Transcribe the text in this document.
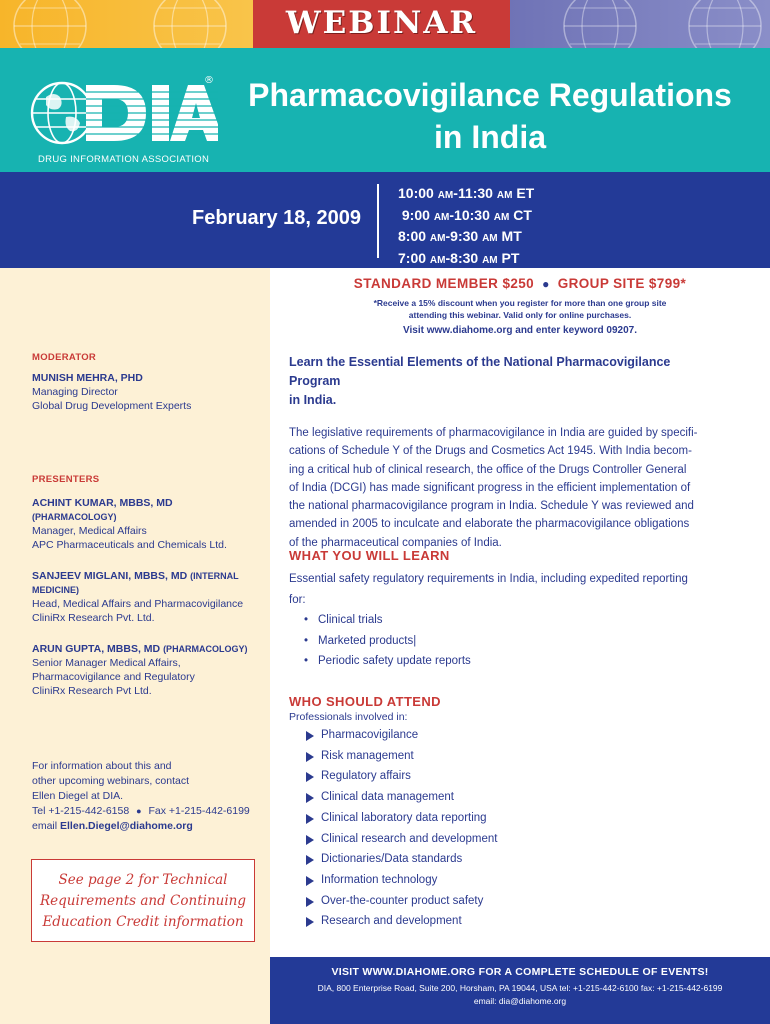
WEBINAR
®
DRUG INFORMATION ASSOCIATION
Pharmacovigilance Regulations
in India
February 18, 2009
10:00 AM-11:30 AM ET
9:00 AM-10:30 AM CT
8:00 AM-9:30 AM MT
7:00 AM-8:30 AM PT
MODERATOR
MUNISH MEHRA, PHD
Managing Director
Global Drug Development Experts
PRESENTERS
ACHINT KUMAR, MBBS, MD
(PHARMACOLOGY)
Manager, Medical Affairs
APC Pharmaceuticals and Chemicals Ltd.
SANJEEV MIGLANI, MBBS, MD (INTERNAL MEDICINE)
Head, Medical Affairs and Pharmacovigilance
CliniRx Research Pvt. Ltd.
ARUN GUPTA, MBBS, MD (PHARMACOLOGY)
Senior Manager Medical Affairs,
Pharmacovigilance and Regulatory
CliniRx Research Pvt Ltd.
For information about this and
other upcoming webinars, contact
Ellen Diegel at DIA.
Tel +1-215-442-6158 ● Fax +1-215-442-6199
email Ellen.Diegel@diahome.org
See page 2 for Technical
Requirements and Continuing
Education Credit information
STANDARD MEMBER $250 ● GROUP SITE $799*
*Receive a 15% discount when you register for more than one group site
attending this webinar. Valid only for online purchases.
Visit www.diahome.org and enter keyword 09207.
Learn the Essential Elements of the National Pharmacovigilance Program
in India.
The legislative requirements of pharmacovigilance in India are guided by specifi-
cations of Schedule Y of the Drugs and Cosmetics Act 1945. With India becom-
ing a critical hub of clinical research, the office of the Drugs Controller General
of India (DCGI) has made significant progress in the efficient implementation of
the national pharmacovigilance program in India. Schedule Y was reviewed and
amended in 2005 to inculcate and elaborate the pharmacovigilance obligations
of the pharmaceutical companies of India.
WHAT YOU WILL LEARN
Essential safety regulatory requirements in India, including expedited reporting
for:
• Clinical trials
• Marketed products|
• Periodic safety update reports
WHO SHOULD ATTEND
Professionals involved in:
Pharmacovigilance
Risk management
Regulatory affairs
Clinical data management
Clinical laboratory data reporting
Clinical research and development
Dictionaries/Data standards
Information technology
Over-the-counter product safety
Research and development
VISIT WWW.DIAHOME.ORG FOR A COMPLETE SCHEDULE OF EVENTS!
DIA, 800 Enterprise Road, Suite 200, Horsham, PA 19044, USA tel: +1-215-442-6100 fax: +1-215-442-6199
email: dia@diahome.org
